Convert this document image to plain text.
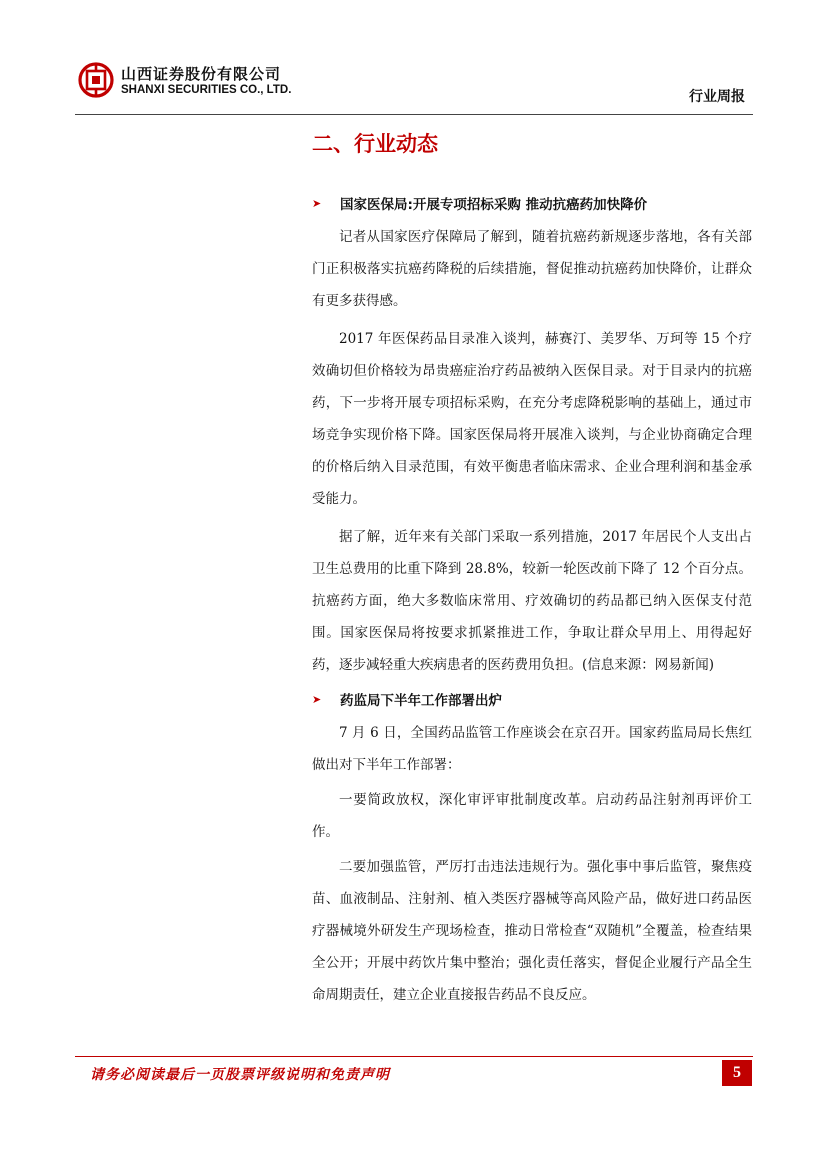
山西证券股份有限公司
SHANXI SECURITIES CO., LTD.	行业周报
二、行业动态
➤	国家医保局:开展专项招标采购 推动抗癌药加快降价

记者从国家医疗保障局了解到，随着抗癌药新规逐步落地，各有关部门正积极落实抗癌药降税的后续措施，督促推动抗癌药加快降价，让群众有更多获得感。

2017 年医保药品目录准入谈判，赫赛汀、美罗华、万珂等 15 个疗效确切但价格较为昂贵癌症治疗药品被纳入医保目录。对于目录内的抗癌药，下一步将开展专项招标采购，在充分考虑降税影响的基础上，通过市场竞争实现价格下降。国家医保局将开展准入谈判，与企业协商确定合理的价格后纳入目录范围，有效平衡患者临床需求、企业合理利润和基金承受能力。

据了解，近年来有关部门采取一系列措施，2017 年居民个人支出占卫生总费用的比重下降到 28.8%，较新一轮医改前下降了 12 个百分点。抗癌药方面，绝大多数临床常用、疗效确切的药品都已纳入医保支付范围。国家医保局将按要求抓紧推进工作，争取让群众早用上、用得起好药，逐步减轻重大疾病患者的医药费用负担。(信息来源：网易新闻)

➤	药监局下半年工作部署出炉

7 月 6 日，全国药品监管工作座谈会在京召开。国家药监局局长焦红做出对下半年工作部署：

一要简政放权，深化审评审批制度改革。启动药品注射剂再评价工作。

二要加强监管，严厉打击违法违规行为。强化事中事后监管，聚焦疫苗、血液制品、注射剂、植入类医疗器械等高风险产品，做好进口药品医疗器械境外研发生产现场检查，推动日常检查“双随机”全覆盖，检查结果全公开；开展中药饮片集中整治；强化责任落实，督促企业履行产品全生命周期责任，建立企业直接报告药品不良反应。

请务必阅读最后一页股票评级说明和免责声明	5
